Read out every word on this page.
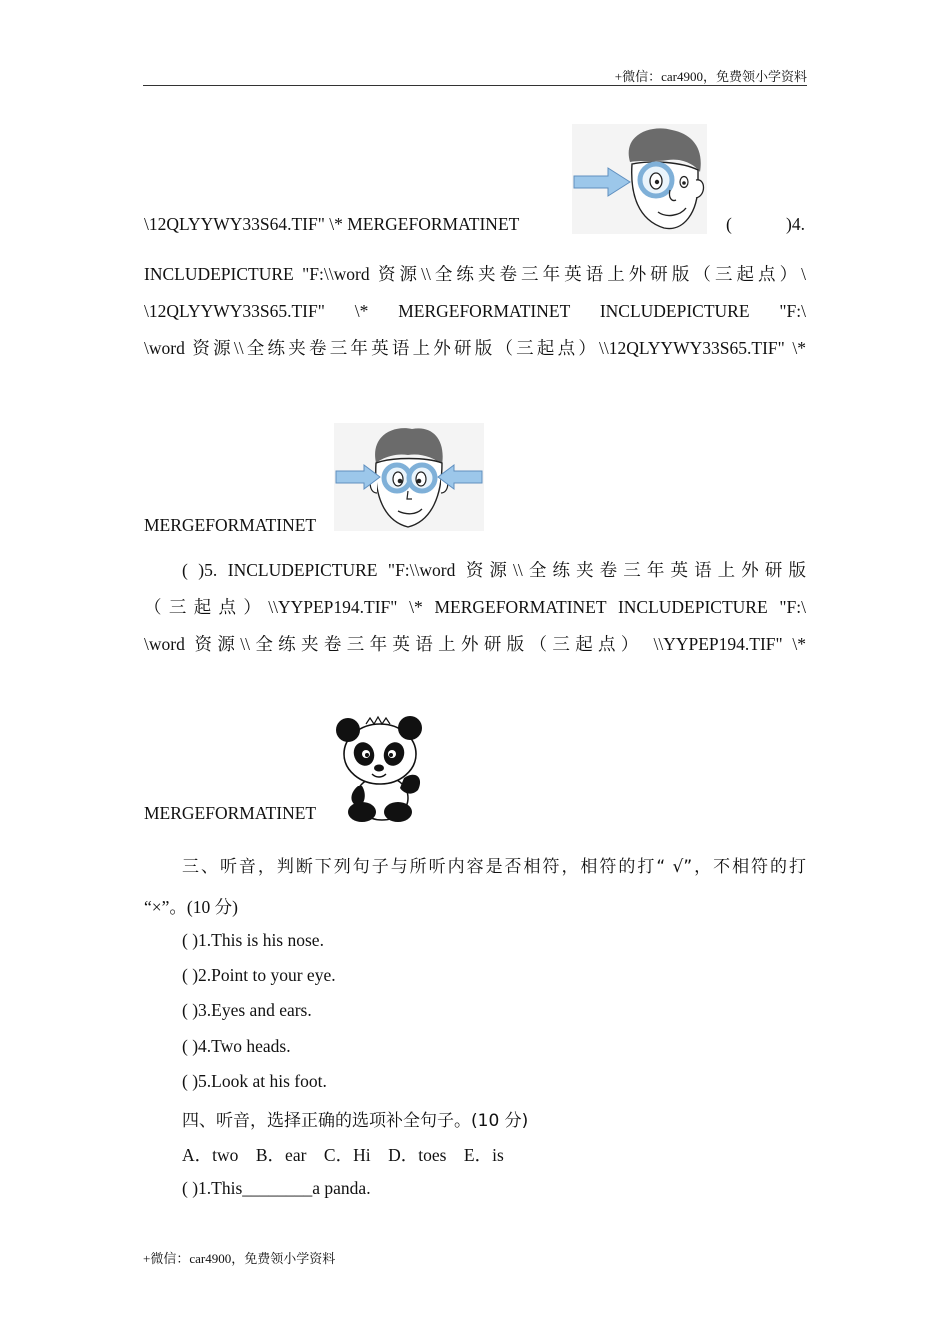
+微信：car4900，免费领小学资料
+微信：car4900，免费领小学资料
\12QLYYWY33S64.TIF" \* MERGEFORMATINET	(	)4.
INCLUDEPICTURE "F:\\word 资源\\全练夹卷三年英语上外研版（三起点）\
\12QLYYWY33S65.TIF" \* MERGEFORMATINET INCLUDEPICTURE "F:\
\word 资源\\全练夹卷三年英语上外研版（三起点）\\12QLYYWY33S65.TIF" \*
MERGEFORMATINET
( )5. INCLUDEPICTURE "F:\\word 资源\\全练夹卷三年英语上外研版
（三起点）\\YYPEP194.TIF" \* MERGEFORMATINET INCLUDEPICTURE "F:\
\word 资源\\全练夹卷三年英语上外研版（三起点） \\YYPEP194.TIF" \*
MERGEFORMATINET
三、听音，判断下列句子与所听内容是否相符，相符的打“ √”，不相符的打
“×”。(10 分)
( )1.This is his nose.
( )2.Point to your eye.
( )3.Eyes and ears.
( )4.Two heads.
( )5.Look at his foot.
四、听音，选择正确的选项补全句子。(10 分)
A．two    B．ear    C．Hi    D．toes    E．is
( )1.This________a panda.
